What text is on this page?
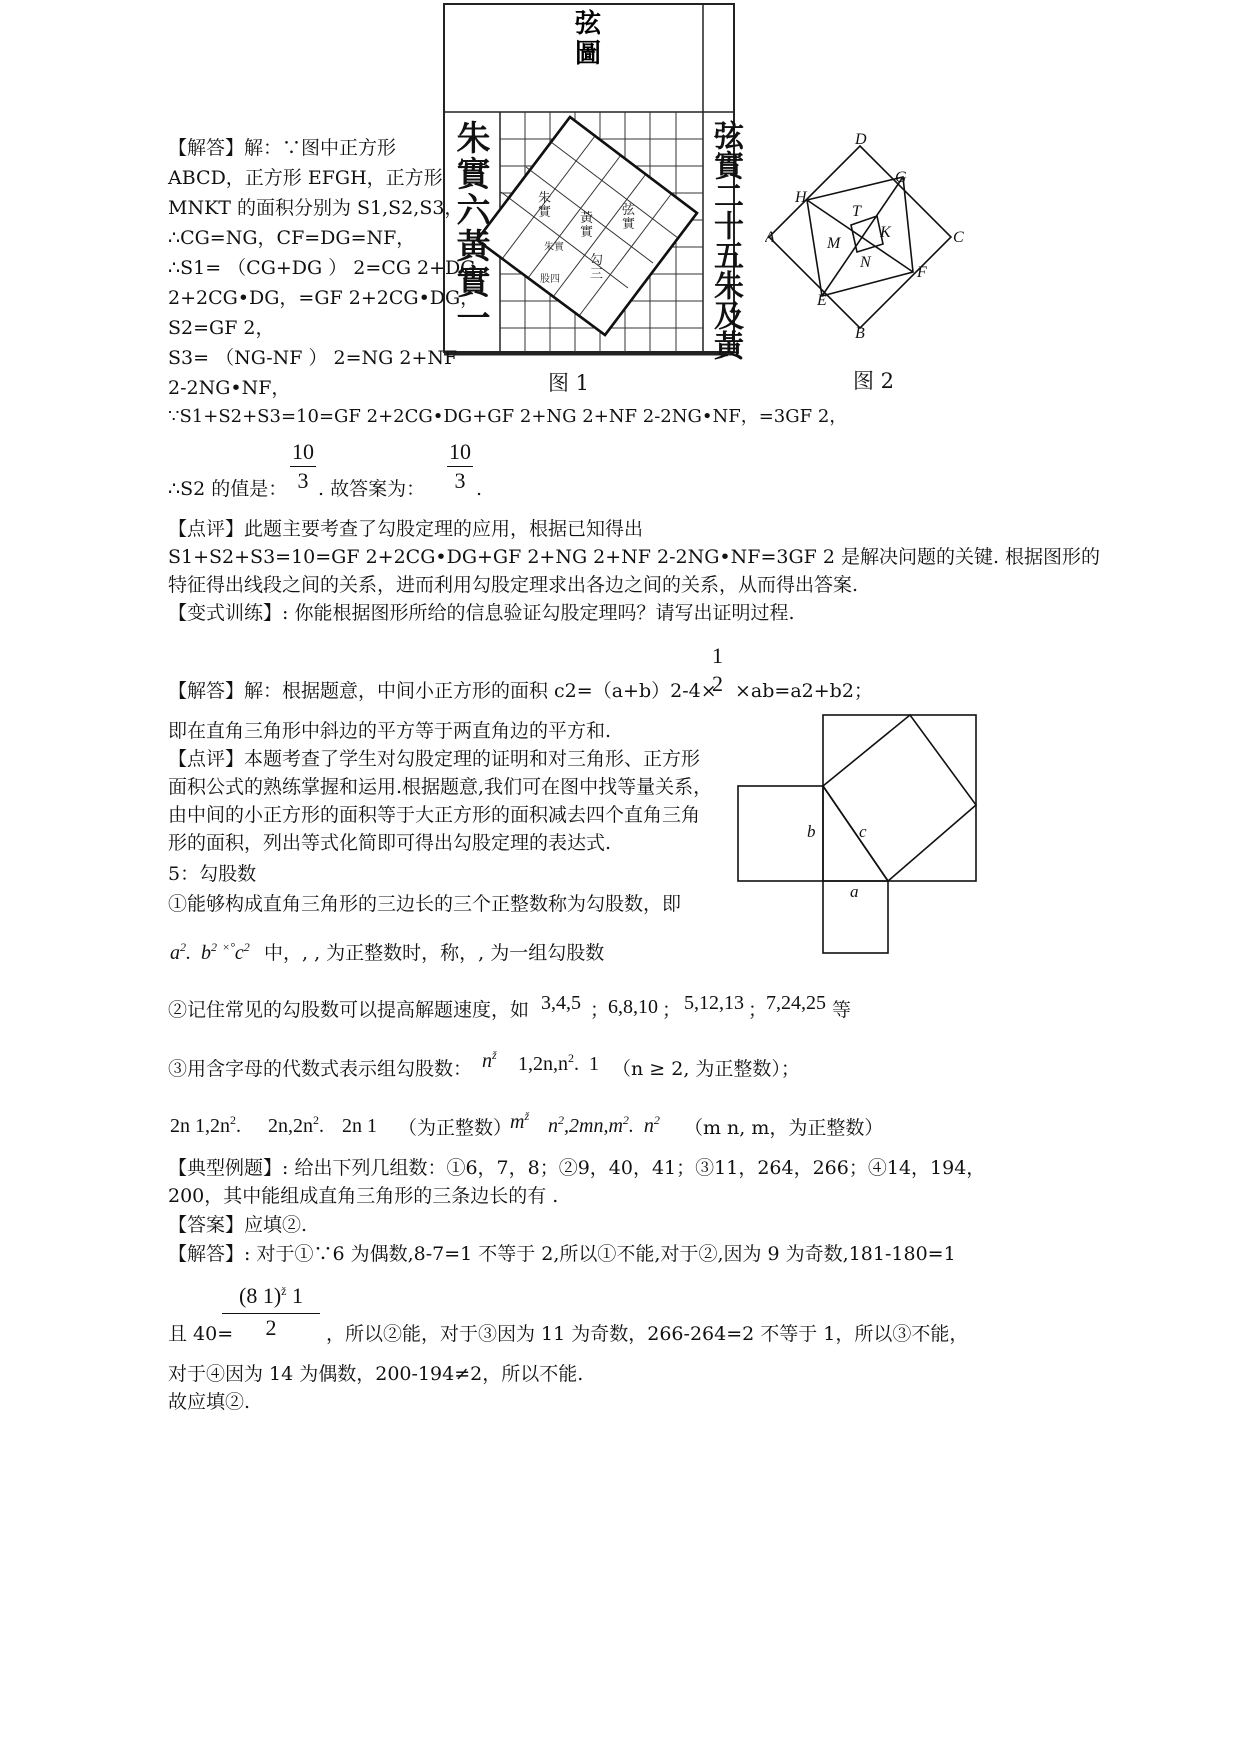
弦
圖
朱
實 黃
實
弦
實
朱實
勾
三
股四
朱實六黃實一	弦實二十五朱及黃
图 1
D
G
H
T
A	K	C
M
N
F
E
B
图 2
【解答】解：∵图中正方形
ABCD，正方形 EFGH，正方形
MNKT 的面积分别为 S1,S2,S3，
∴CG=NG，CF=DG=NF，
∴S1= （CG+DG ） 2=CG 2+DG
2+2CG•DG，=GF 2+2CG•DG，
S2=GF 2，
S3= （NG-NF ） 2=NG 2+NF
2-2NG•NF，
∵S1+S2+S3=10=GF 2+2CG•DG+GF 2+NG 2+NF 2-2NG•NF，=3GF 2，
∴S2 的值是： $\frac{10}{3}$ . 故答案为： $\frac{10}{3}$ .
【点评】此题主要考查了勾股定理的应用，根据已知得出
S1+S2+S3=10=GF 2+2CG•DG+GF 2+NG 2+NF 2-2NG•NF=3GF 2 是解决问题的关键. 根据图形的
特征得出线段之间的关系，进而利用勾股定理求出各边之间的关系，从而得出答案.
【变式训练】: 你能根据图形所给的信息验证勾股定理吗？请写出证明过程.
【解答】解：根据题意，中间小正方形的面积 c2=（a+b）2-4×
1
2 ×ab=a2+b2；
即在直角三角形中斜边的平方等于两直角边的平方和.
【点评】本题考查了学生对勾股定理的证明和对三角形、正方形
面积公式的熟练掌握和运用.根据题意,我们可在图中找等量关系，
由中间的小正方形的面积等于大正方形的面积减去四个直角三角
形的面积，列出等式化简即可得出勾股定理的表达式.
5：勾股数
①能够构成直角三角形的三边长的三个正整数称为勾股数，即
$a^2$.  $b^2$ $^{\times^\circ}c^2$ 中，, , 为正整数时，称，, 为一组勾股数
b	c
a
②记住常见的勾股数可以提高解题速度，如 3,4,5 ；
6,8,10 ； 5,12,13 ；
7,24,25 等
③用含字母的代数式表示组勾股数： $n^ž$ $1,2n,n^2$.  1 （n ≥ 2, 为正整数）；
2n $1,2n^2$. $2n,2n^2$. 2n 1 （为正整数）
$m^ž$ $n^2,2mn,m^2$.  $n^2$ （m n, m，为正整数）
【典型例题】: 给出下列几组数：①6，7，8；②9，40，41；③11，264，266；④14，194，
200，其中能组成直角三角形的三条边长的有 .
【答案】应填②.
【解答】: 对于①∵6 为偶数,8-7=1 不等于 2,所以①不能,对于②,因为 9 为奇数,181-180=1
且 40=
$\frac{(8 1)^ž 1}{2}$ ，所以②能，对于③因为 11 为奇数，266-264=2 不等于 1，所以③不能，
对于④因为 14 为偶数，200-194≠2，所以不能.
故应填②.
